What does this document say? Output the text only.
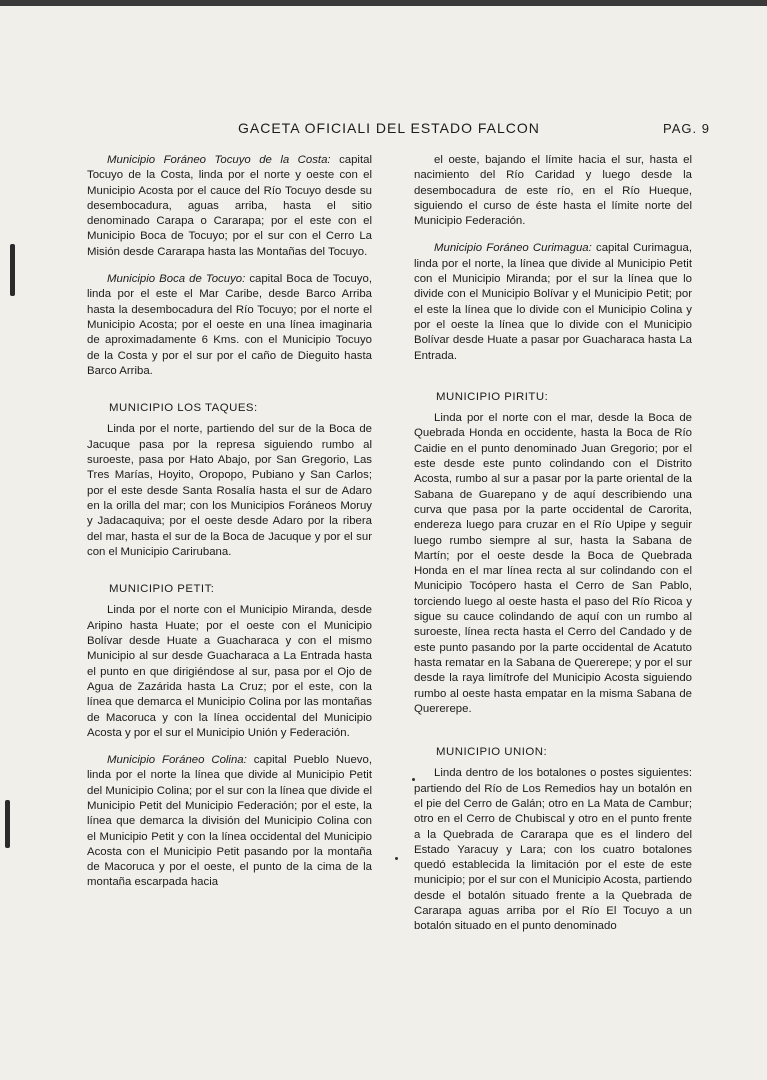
GACETA OFICIALI DEL ESTADO FALCON	PAG. 9

Municipio Foráneo Tocuyo de la Costa: capital Tocuyo de la Costa, linda por el norte y oeste con el Municipio Acosta por el cauce del Río Tocuyo desde su desembocadura, aguas arriba, hasta el sitio denominado Carapa o Cararapa; por el este con el Municipio Boca de Tocuyo; por el sur con el Cerro La Misión desde Cararapa hasta las Montañas del Tocuyo.

Municipio Boca de Tocuyo: capital Boca de Tocuyo, linda por el este el Mar Caribe, desde Barco Arriba hasta la desembocadura del Río Tocuyo; por el norte el Municipio Acosta; por el oeste en una línea imaginaria de aproximadamente 6 Kms. con el Municipio Tocuyo de la Costa y por el sur por el caño de Dieguito hasta Barco Arriba.

MUNICIPIO LOS TAQUES:

Linda por el norte, partiendo del sur de la Boca de Jacuque pasa por la represa siguiendo rumbo al suroeste, pasa por Hato Abajo, por San Gregorio, Las Tres Marías, Hoyito, Oropopo, Pubiano y San Carlos; por el este desde Santa Rosalía hasta el sur de Adaro en la orilla del mar; con los Municipios Foráneos Moruy y Jadacaquiva; por el oeste desde Adaro por la ribera del mar, hasta el sur de la Boca de Jacuque y por el sur con el Municipio Carirubana.

MUNICIPIO PETIT:

Linda por el norte con el Municipio Miranda, desde Aripino hasta Huate; por el oeste con el Municipio Bolívar desde Huate a Guacharaca y con el mismo Municipio al sur desde Guacharaca a La Entrada hasta el punto en que dirigiéndose al sur, pasa por el Ojo de Agua de Zazárida hasta La Cruz; por el este, con la línea que demarca el Municipio Colina por las montañas de Macoruca y con la línea occidental del Municipio Acosta y por el sur el Municipio Unión y Federación.

Municipio Foráneo Colina: capital Pueblo Nuevo, linda por el norte la línea que divide al Municipio Petit del Municipio Colina; por el sur con la línea que divide el Municipio Petit del Municipio Federación; por el este, la línea que demarca la división del Municipio Colina con el Municipio Petit y con la línea occidental del Municipio Acosta con el Municipio Petit pasando por la montaña de Macoruca y por el oeste, el punto de la cima de la montaña escarpada hacia

el oeste, bajando el límite hacia el sur, hasta el nacimiento del Río Caridad y luego desde la desembocadura de este río, en el Río Hueque, siguiendo el curso de éste hasta el límite norte del Municipio Federación.

Municipio Foráneo Curimagua: capital Curimagua, linda por el norte, la línea que divide al Municipio Petit con el Municipio Miranda; por el sur la línea que lo divide con el Municipio Bolívar y el Municipio Petit; por el este la línea que lo divide con el Municipio Colina y por el oeste la línea que lo divide con el Municipio Bolívar desde Huate a pasar por Guacharaca hasta La Entrada.

MUNICIPIO PIRITU:

Linda por el norte con el mar, desde la Boca de Quebrada Honda en occidente, hasta la Boca de Río Caidie en el punto denominado Juan Gregorio; por el este desde este punto colindando con el Distrito Acosta, rumbo al sur a pasar por la parte oriental de la Sabana de Guarepano y de aquí describiendo una curva que pasa por la parte occidental de Carorita, endereza luego para cruzar en el Río Upipe y seguir luego rumbo siempre al sur, hasta la Sabana de Martín; por el oeste desde la Boca de Quebrada Honda en el mar línea recta al sur colindando con el Municipio Tocópero hasta el Cerro de San Pablo, torciendo luego al oeste hasta el paso del Río Ricoa y sigue su cauce colindando de aquí con un rumbo al suroeste, línea recta hasta el Cerro del Candado y de este punto pasando por la parte occidental de Acatuto hasta rematar en la Sabana de Quererepe; y por el sur desde la raya limítrofe del Municipio Acosta siguiendo rumbo al oeste hasta empatar en la misma Sabana de Quererepe.

MUNICIPIO UNION:

Linda dentro de los botalones o postes siguientes: partiendo del Río de Los Remedios hay un botalón en el pie del Cerro de Galán; otro en La Mata de Cambur; otro en el Cerro de Chubiscal y otro en el punto frente a la Quebrada de Cararapa que es el lindero del Estado Yaracuy y Lara; con los cuatro botalones quedó establecida la limitación por el este de este municipio; por el sur con el Municipio Acosta, partiendo desde el botalón situado frente a la Quebrada de Cararapa aguas arriba por el Río El Tocuyo a un botalón situado en el punto denominado
